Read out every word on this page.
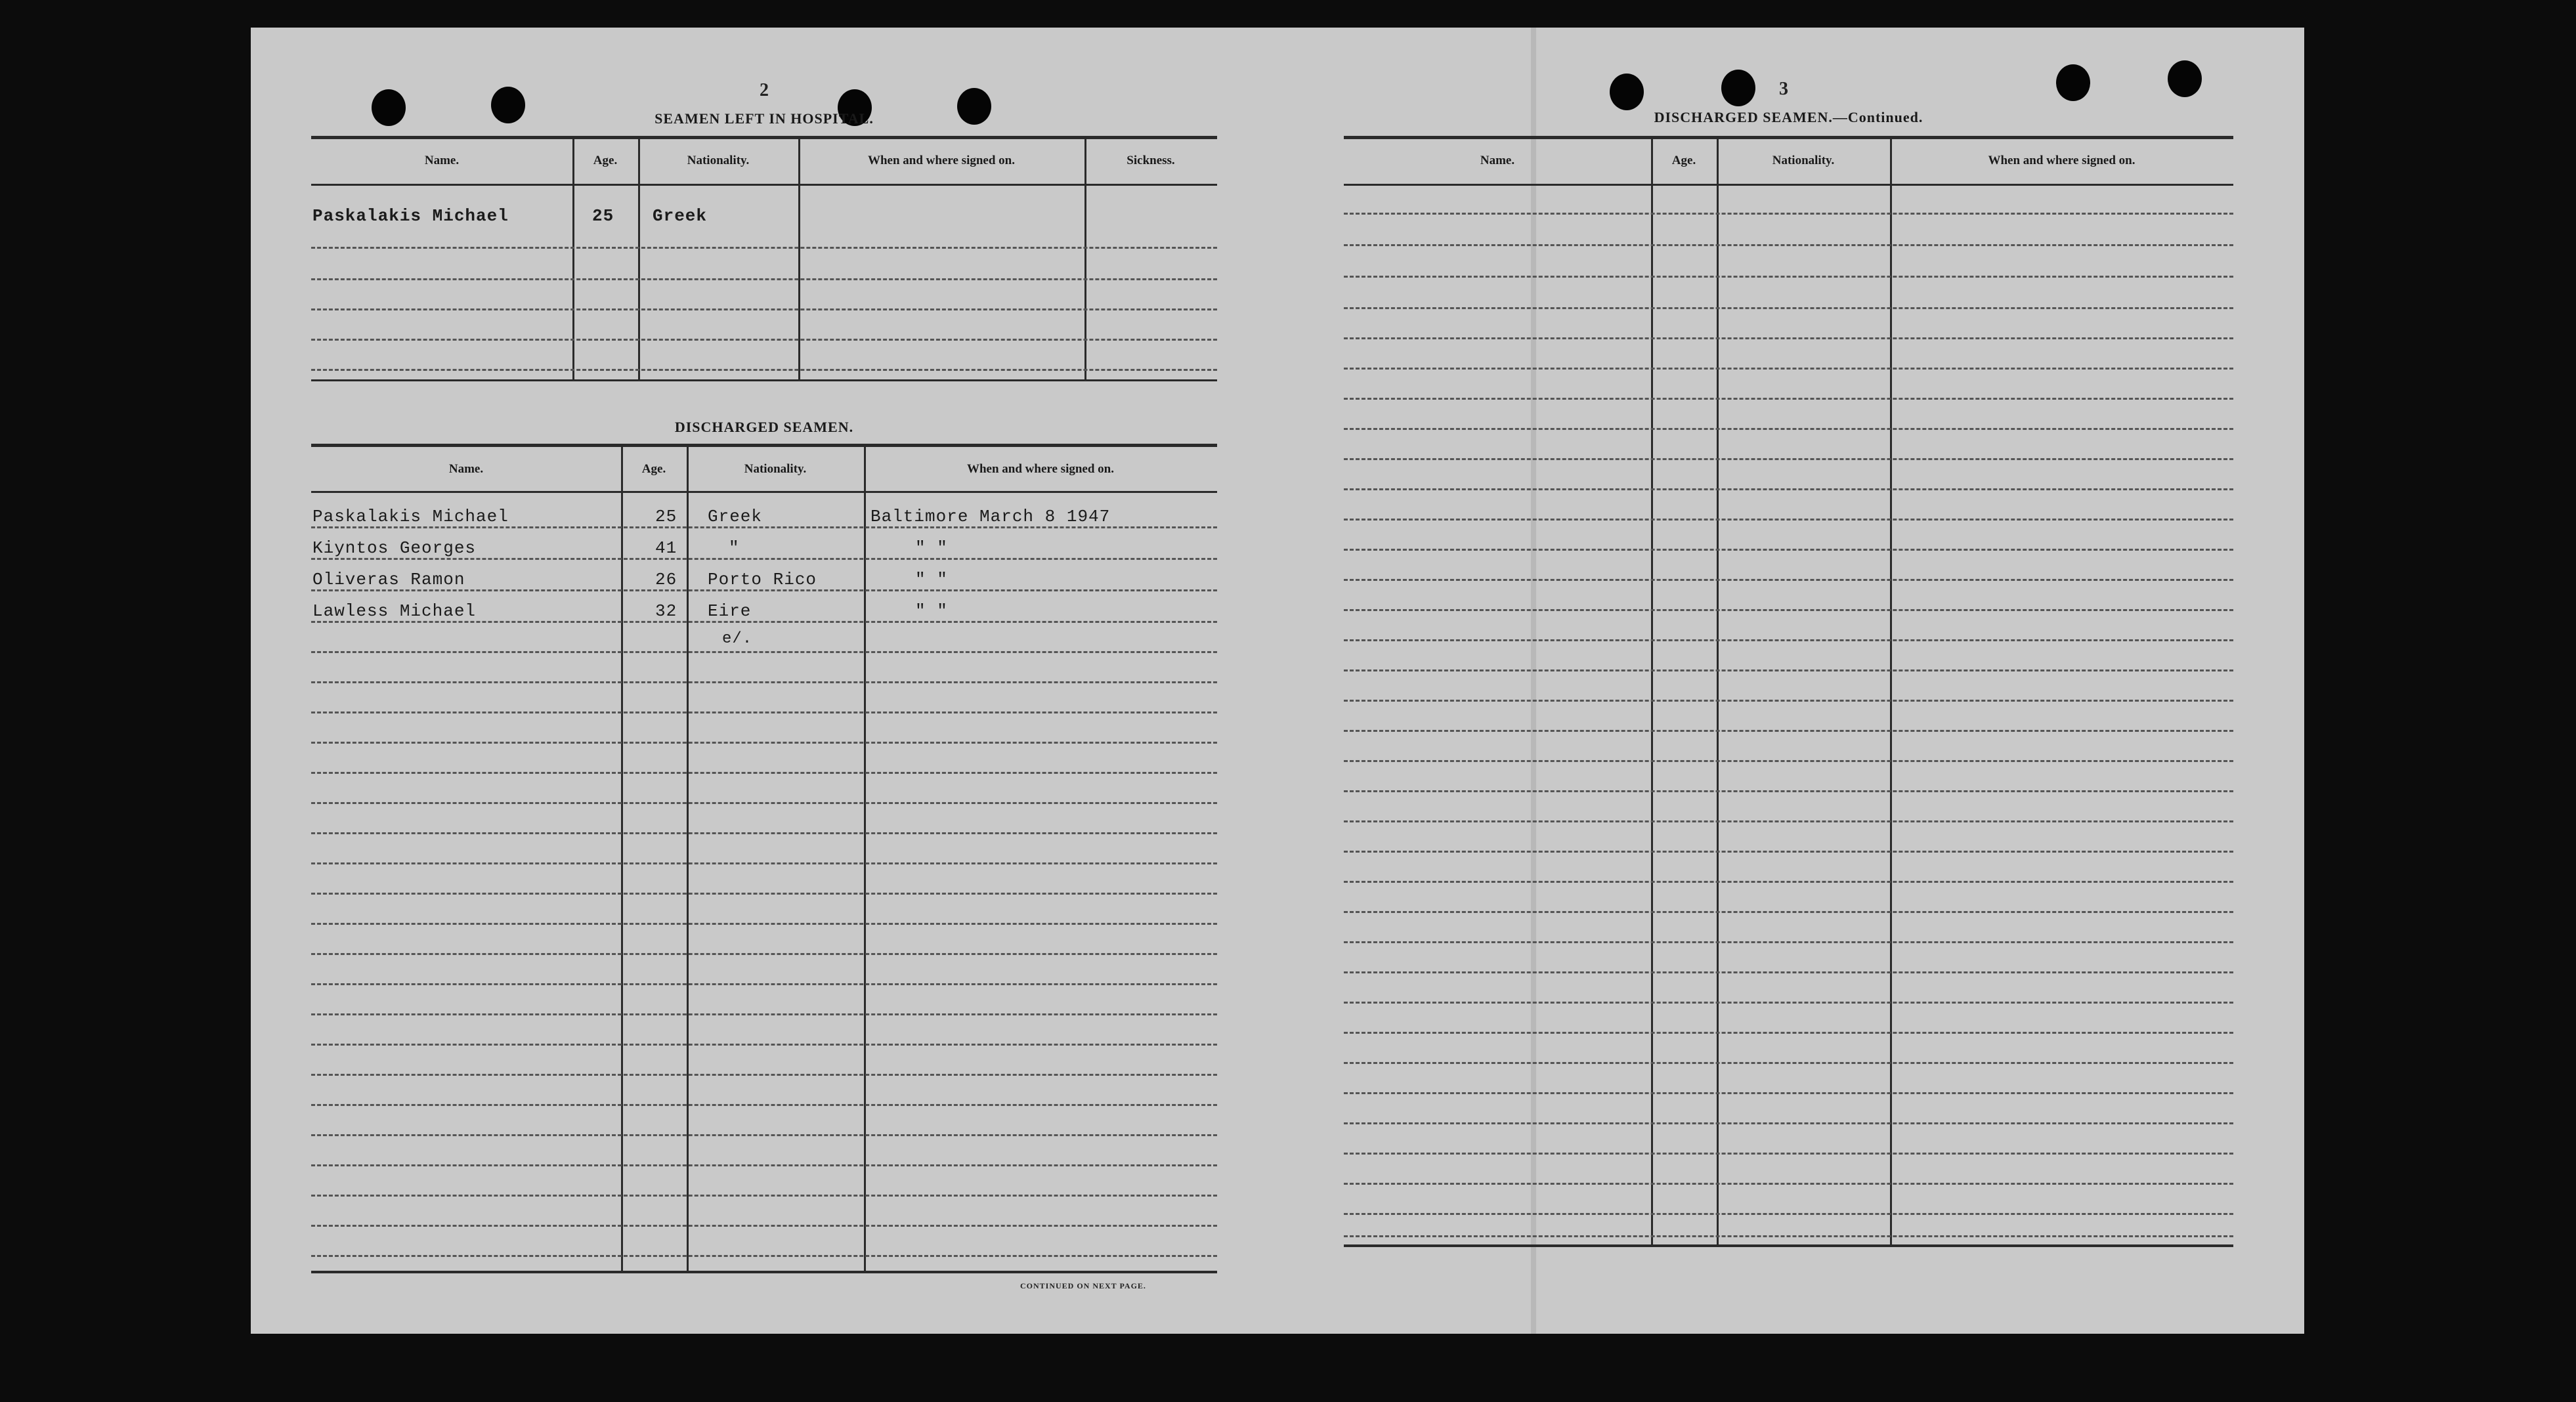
2
SEAMEN LEFT IN HOSPITAL.
Name.	Age.	Nationality.	When and where signed on.	Sickness.
Paskalakis Michael	25 Greek
DISCHARGED SEAMEN.
Name.	Age.	Nationality.	When and where signed on.
Paskalakis Michael	25 Greek	Baltimore March 8 1947
Kiyntos Georges	41	"	" "
Oliveras Ramon	26 Porto Rico	" "
Lawless Michael	32 Eire	" "
e/.
CONTINUED ON NEXT PAGE.
3
DISCHARGED SEAMEN.—Continued.
Name.	Age.	Nationality.	When and where signed on.
